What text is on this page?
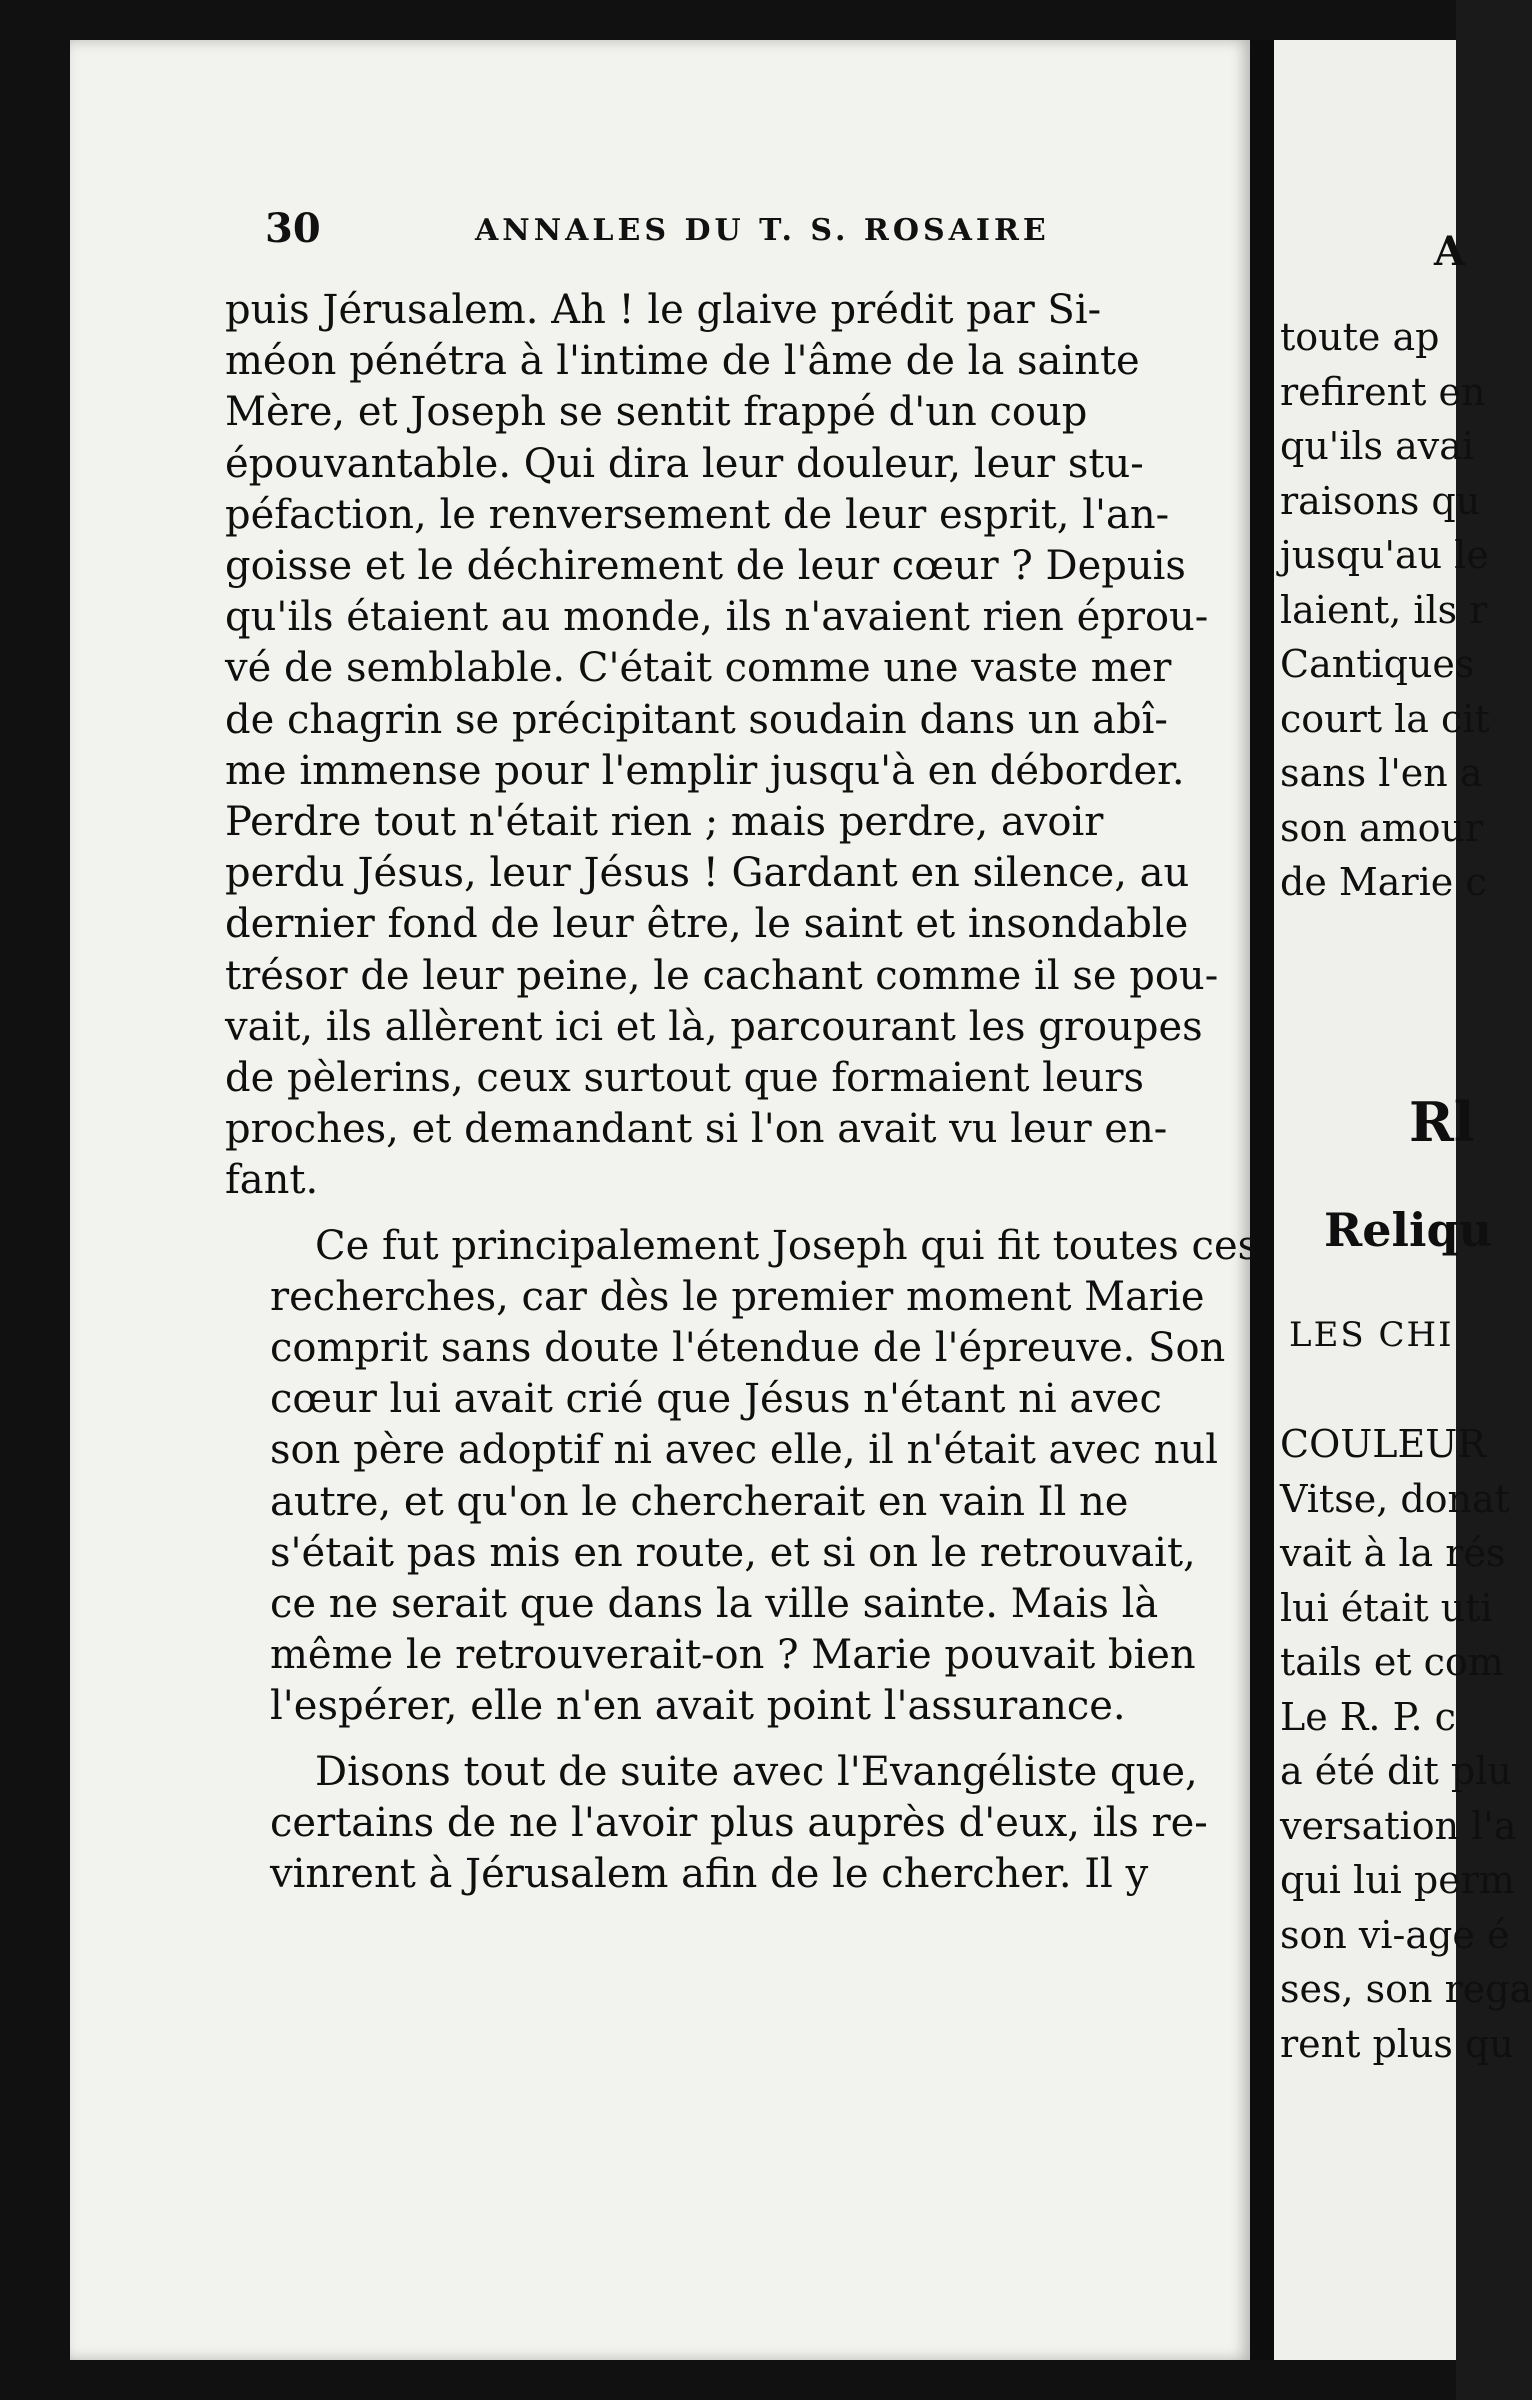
A
toute ap
refirent en
qu'ils avai
raisons qu
jusqu'au le
laient, ils r
Cantiques
court la cit
sans l'en a
son amour
de Marie c
Rl
Reliqu
LES CHI
COULEUR
Vitse, donat
vait à la rés
lui était uti
tails et com
Le R. P. c
a été dit plu
versation l'a
qui lui perm
son vi-age é
ses, son rega
rent plus qu
30	ANNALES DU T. S. ROSAIRE
puis Jérusalem. Ah ! le glaive prédit par Si-
méon pénétra à l'intime de l'âme de la sainte
Mère, et Joseph se sentit frappé d'un coup
épouvantable. Qui dira leur douleur, leur stu-
péfaction, le renversement de leur esprit, l'an-
goisse et le déchirement de leur cœur ? Depuis
qu'ils étaient au monde, ils n'avaient rien éprou-
vé de semblable. C'était comme une vaste mer
de chagrin se précipitant soudain dans un abî-
me immense pour l'emplir jusqu'à en déborder.
Perdre tout n'était rien ; mais perdre, avoir
perdu Jésus, leur Jésus ! Gardant en silence, au
dernier fond de leur être, le saint et insondable
trésor de leur peine, le cachant comme il se pou-
vait, ils allèrent ici et là, parcourant les groupes
de pèlerins, ceux surtout que formaient leurs
proches, et demandant si l'on avait vu leur en-
fant.
Ce fut principalement Joseph qui fit toutes ces
recherches, car dès le premier moment Marie
comprit sans doute l'étendue de l'épreuve. Son
cœur lui avait crié que Jésus n'étant ni avec
son père adoptif ni avec elle, il n'était avec nul
autre, et qu'on le chercherait en vain Il ne
s'était pas mis en route, et si on le retrouvait,
ce ne serait que dans la ville sainte. Mais là
même le retrouverait-on ? Marie pouvait bien
l'espérer, elle n'en avait point l'assurance.
Disons tout de suite avec l'Evangéliste que,
certains de ne l'avoir plus auprès d'eux, ils re-
vinrent à Jérusalem afin de le chercher. Il y
